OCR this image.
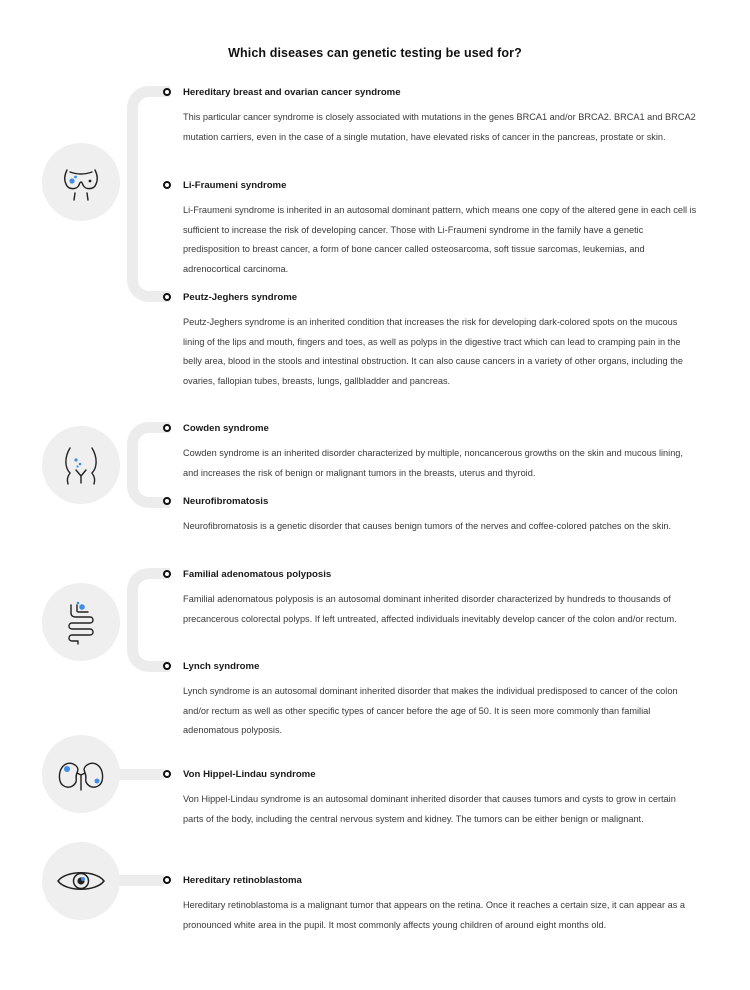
Which diseases can genetic testing be used for?
Hereditary breast and ovarian cancer syndrome

This particular cancer syndrome is closely associated with mutations in the genes BRCA1 and/or BRCA2. BRCA1 and BRCA2 mutation carriers, even in the case of a single mutation, have elevated risks of cancer in the pancreas, prostate or skin.

Li-Fraumeni syndrome

Li-Fraumeni syndrome is inherited in an autosomal dominant pattern, which means one copy of the altered gene in each cell is sufficient to increase the risk of developing cancer. Those with Li-Fraumeni syndrome in the family have a genetic predisposition to breast cancer, a form of bone cancer called osteosarcoma, soft tissue sarcomas, leukemias, and adrenocortical carcinoma.

Peutz-Jeghers syndrome

Peutz-Jeghers syndrome is an inherited condition that increases the risk for developing dark-colored spots on the mucous lining of the lips and mouth, fingers and toes, as well as polyps in the digestive tract which can lead to cramping pain in the belly area, blood in the stools and intestinal obstruction. It can also cause cancers in a variety of other organs, including the ovaries, fallopian tubes, breasts, lungs, gallbladder and pancreas.

Cowden syndrome

Cowden syndrome is an inherited disorder characterized by multiple, noncancerous growths on the skin and mucous lining, and increases the risk of benign or malignant tumors in the breasts, uterus and thyroid.

Neurofibromatosis

Neurofibromatosis is a genetic disorder that causes benign tumors of the nerves and coffee-colored patches on the skin.

Familial adenomatous polyposis

Familial adenomatous polyposis is an autosomal dominant inherited disorder characterized by hundreds to thousands of precancerous colorectal polyps. If left untreated, affected individuals inevitably develop cancer of the colon and/or rectum.

Lynch syndrome

Lynch syndrome is an autosomal dominant inherited disorder that makes the individual predisposed to cancer of the colon and/or rectum as well as other specific types of cancer before the age of 50. It is seen more commonly than familial adenomatous polyposis.

Von Hippel-Lindau syndrome

Von Hippel-Lindau syndrome is an autosomal dominant inherited disorder that causes tumors and cysts to grow in certain parts of the body, including the central nervous system and kidney. The tumors can be either benign or malignant.

Hereditary retinoblastoma

Hereditary retinoblastoma is a malignant tumor that appears on the retina. Once it reaches a certain size, it can appear as a pronounced white area in the pupil. It most commonly affects young children of around eight months old.
